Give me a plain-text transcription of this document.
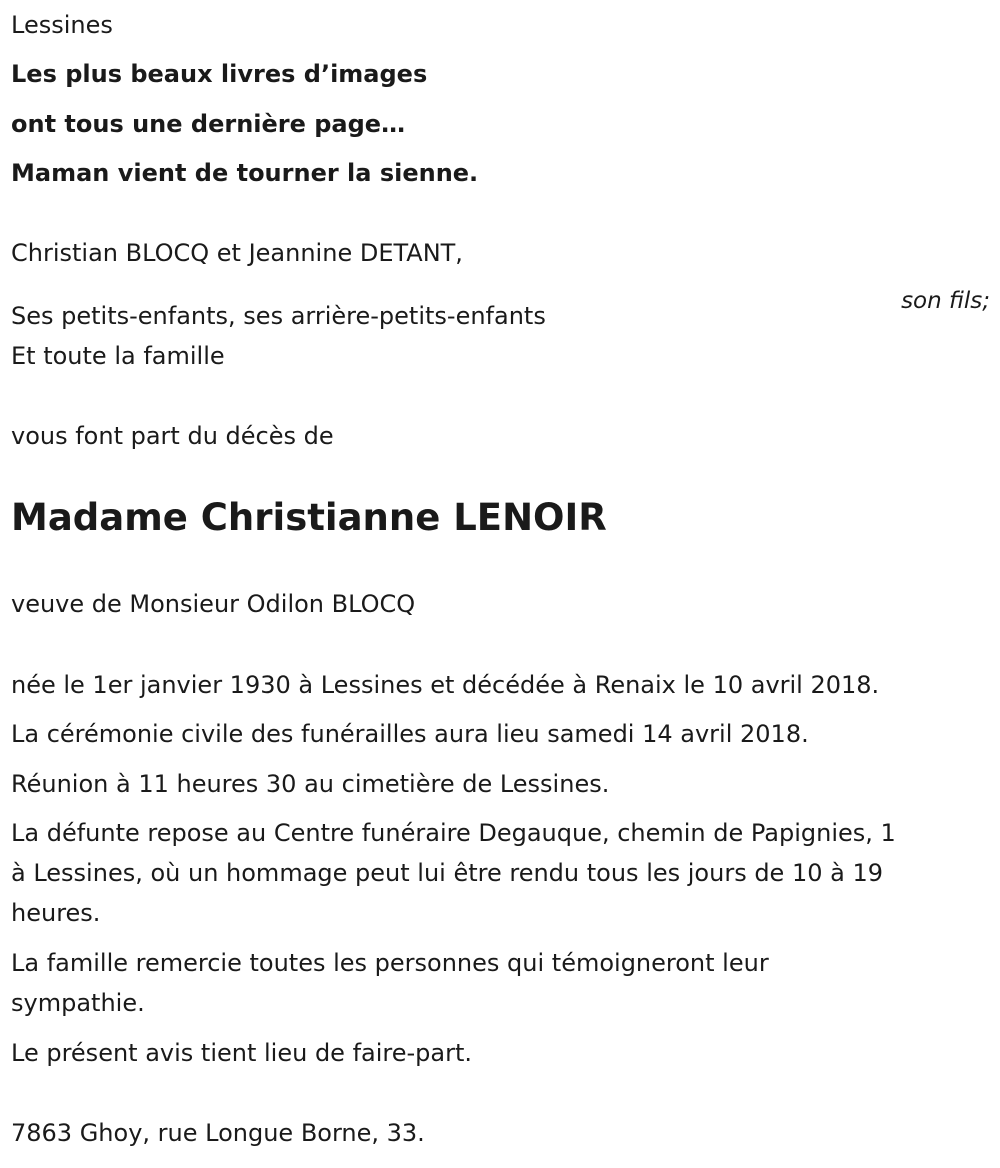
Lessines

Les plus beaux livres d’images

ont tous une dernière page…

Maman vient de tourner la sienne.

Christian BLOCQ et Jeannine DETANT,

son fils;

Ses petits-enfants, ses arrière-petits-enfants

Et toute la famille

vous font part du décès de

Madame Christianne LENOIR

veuve de Monsieur Odilon BLOCQ

née le 1er janvier 1930 à Lessines et décédée à Renaix le 10 avril 2018.

La cérémonie civile des funérailles aura lieu samedi 14 avril 2018.

Réunion à 11 heures 30 au cimetière de Lessines.

La défunte repose au Centre funéraire Degauque, chemin de Papignies, 1

à Lessines, où un hommage peut lui être rendu tous les jours de 10 à 19

heures.

La famille remercie toutes les personnes qui témoigneront leur

sympathie.

Le présent avis tient lieu de faire-part.

7863 Ghoy, rue Longue Borne, 33.
